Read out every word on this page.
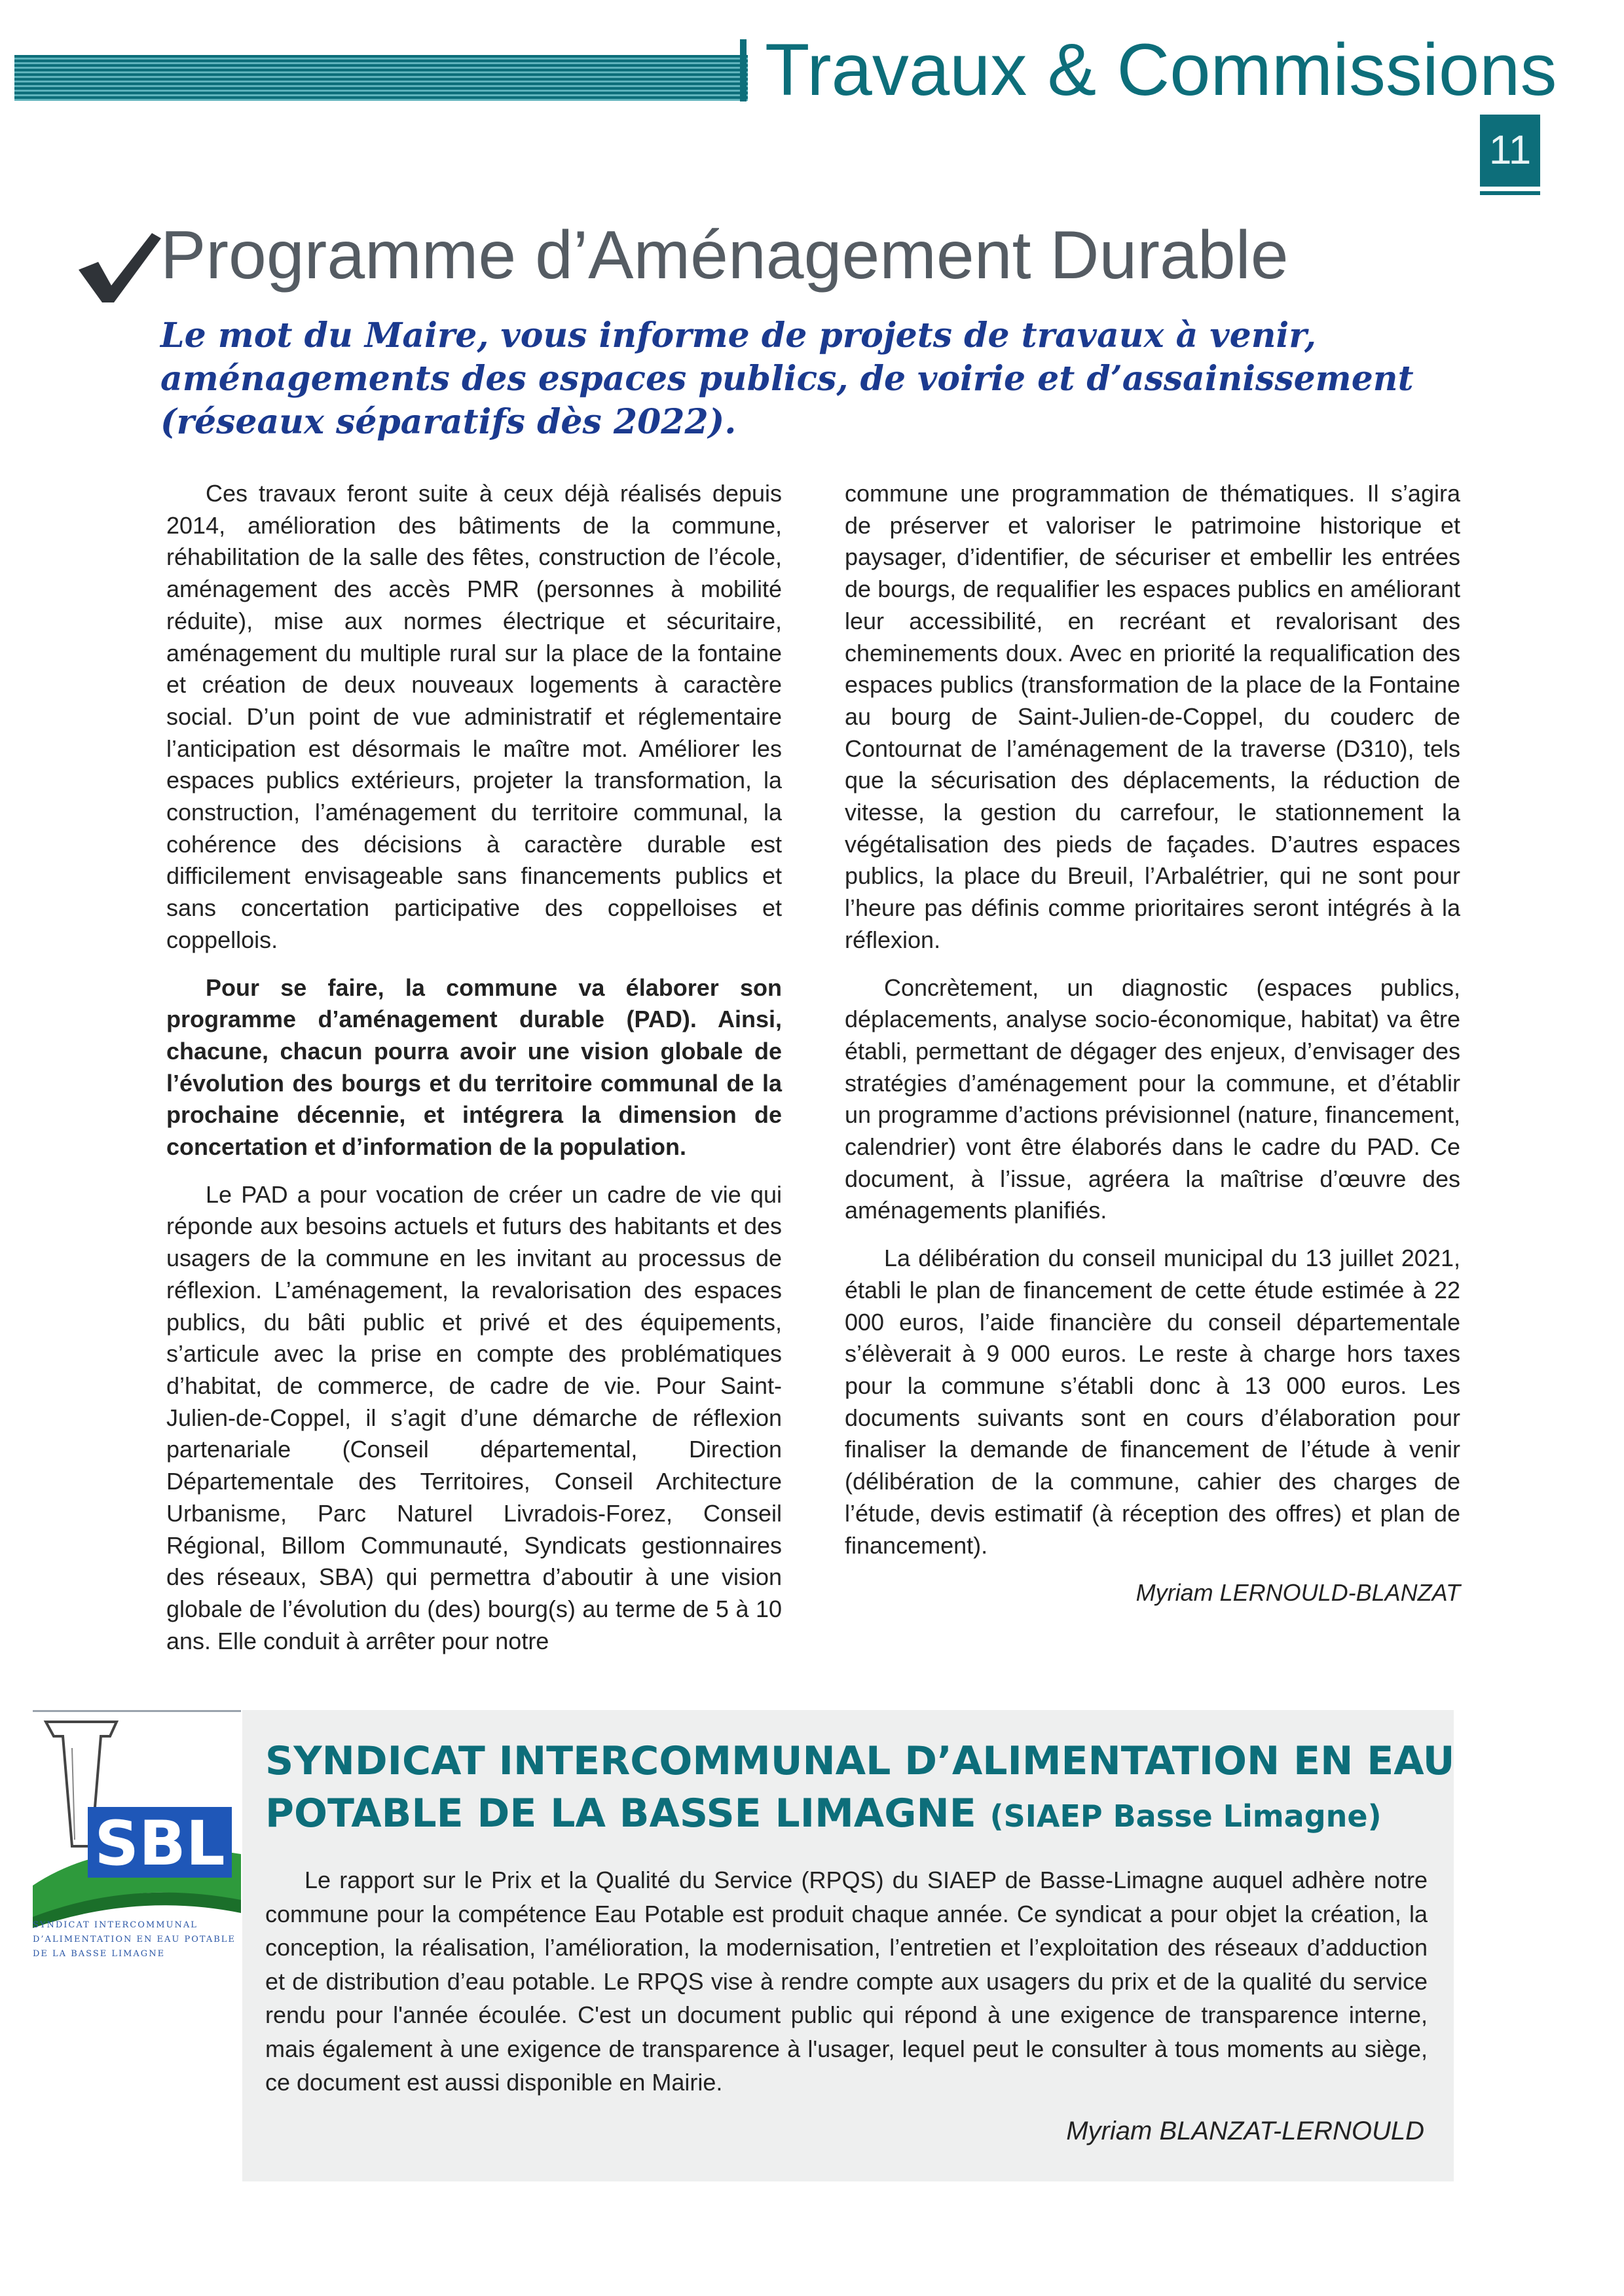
Travaux & Commissions
11
Programme d’Aménagement Durable

Le mot du Maire, vous informe de projets de travaux à venir, aménagements des espaces publics, de voirie et d’assainissement (réseaux séparatifs dès 2022).

Ces travaux feront suite à ceux déjà réalisés depuis 2014, amélioration des bâtiments de la commune, réhabilitation de la salle des fêtes, construction de l’école, aménagement des accès PMR (personnes à mobilité réduite), mise aux normes électrique et sécuritaire, aménagement du multiple rural sur la place de la fontaine et création de deux nouveaux logements à caractère social. D’un point de vue administratif et réglementaire l’anticipation est désormais le maître mot. Améliorer les espaces publics extérieurs, projeter la transformation, la construction, l’aménagement du territoire communal, la cohérence des décisions à caractère durable est difficilement envisageable sans financements publics et sans concertation participative des coppelloises et coppellois.

Pour se faire, la commune va élaborer son programme d’aménagement durable (PAD). Ainsi, chacune, chacun pourra avoir une vision globale de l’évolution des bourgs et du territoire communal de la prochaine décennie, et intégrera la dimension de concertation et d’information de la population.

Le PAD a pour vocation de créer un cadre de vie qui réponde aux besoins actuels et futurs des habitants et des usagers de la commune en les invitant au processus de réflexion. L’aménagement, la revalorisation des espaces publics, du bâti public et privé et des équipements, s’articule avec la prise en compte des problématiques d’habitat, de commerce, de cadre de vie. Pour Saint-Julien-de-Coppel, il s’agit d’une démarche de réflexion partenariale (Conseil départemental, Direction Départementale des Territoires, Conseil Architecture Urbanisme, Parc Naturel Livradois-Forez, Conseil Régional, Billom Communauté, Syndicats gestionnaires des réseaux, SBA) qui permettra d’aboutir à une vision globale de l’évolution du (des) bourg(s) au terme de 5 à 10 ans. Elle conduit à arrêter pour notre

commune une programmation de thématiques. Il s’agira de préserver et valoriser le patrimoine historique et paysager, d’identifier, de sécuriser et embellir les entrées de bourgs, de requalifier les espaces publics en améliorant leur accessibilité, en recréant et revalorisant des cheminements doux. Avec en priorité la requalification des espaces publics (transformation de la place de la Fontaine au bourg de Saint-Julien-de-Coppel, du couderc de Contournat de l’aménagement de la traverse (D310), tels que la sécurisation des déplacements, la réduction de vitesse, la gestion du carrefour, le stationnement la végétalisation des pieds de façades. D’autres espaces publics, la place du Breuil, l’Arbalétrier, qui ne sont pour l’heure pas définis comme prioritaires seront intégrés à la réflexion.

Concrètement, un diagnostic (espaces publics, déplacements, analyse socio-économique, habitat) va être établi, permettant de dégager des enjeux, d’envisager des stratégies d’aménagement pour la commune, et d’établir un programme d’actions prévisionnel (nature, financement, calendrier) vont être élaborés dans le cadre du PAD. Ce document, à l’issue, agréera la maîtrise d’œuvre des aménagements planifiés.

La délibération du conseil municipal du 13 juillet 2021, établi le plan de financement de cette étude estimée à 22 000 euros, l’aide financière du conseil départementale s’élèverait à 9 000 euros. Le reste à charge hors taxes pour la commune s’établi donc à 13 000 euros. Les documents suivants sont en cours d’élaboration pour finaliser la demande de financement de l’étude à venir (délibération de la commune, cahier des charges de l’étude, devis estimatif (à réception des offres) et plan de financement).

Myriam LERNOULD-BLANZAT

SBL
SYNDICAT INTERCOMMUNAL D’ALIMENTATION EN EAU POTABLE DE LA BASSE LIMAGNE
SYNDICAT INTERCOMMUNAL D’ALIMENTATION EN EAU POTABLE DE LA BASSE LIMAGNE (SIAEP Basse Limagne)

Le rapport sur le Prix et la Qualité du Service (RPQS) du SIAEP de Basse-Limagne auquel adhère notre commune pour la compétence Eau Potable est produit chaque année. Ce syndicat a pour objet la création, la conception, la réalisation, l’amélioration, la modernisation, l’entretien et l’exploitation des réseaux d’adduction et de distribution d’eau potable. Le RPQS vise à rendre compte aux usagers du prix et de la qualité du service rendu pour l'année écoulée. C'est un document public qui répond à une exigence de transparence interne, mais également à une exigence de transparence à l'usager, lequel peut le consulter à tous moments au siège, ce document est aussi disponible en Mairie.

Myriam BLANZAT-LERNOULD
